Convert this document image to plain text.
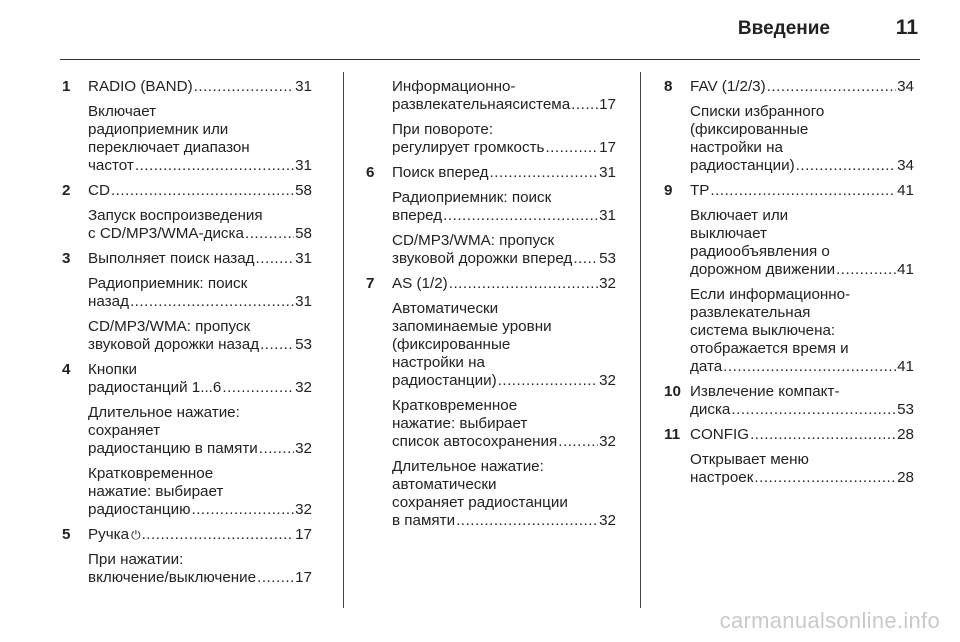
Введение	11
1	RADIO (BAND) .....	31
Включает
радиоприемник или
переключает диапазон
частот .....	31
2	CD .....	58
Запуск воспроизведения
с CD/MP3/WMA-диска .....	58
3	Выполняет поиск назад .....	31
Радиоприемник: поиск
назад .....	31
CD/MP3/WMA: пропуск
звуковой дорожки назад ..... 53
4	Кнопки
радиостанций 1...6 .....	32
Длительное нажатие:
сохраняет
радиостанцию в памяти ..... 32
Кратковременное
нажатие: выбирает
радиостанцию .....	32
5	Ручка ⏻ .....	17
При нажатии:
включение/выключение .....	17
Информационно-
развлекательнаясистема ..... 17
При повороте:
регулирует громкость .....	17
6	Поиск вперед .....	31
Радиоприемник: поиск
вперед .....	31
CD/MP3/WMA: пропуск
звуковой дорожки вперед ..... 53
7	AS (1/2) .....	32
Автоматически
запоминаемые уровни
(фиксированные
настройки на
радиостанции) .....	32
Кратковременное
нажатие: выбирает
список автосохранения .....	32
Длительное нажатие:
автоматически
сохраняет радиостанции
в памяти .....	32
8	FAV (1/2/3) .....	34
Списки избранного
(фиксированные
настройки на
радиостанции) .....	34
9	TP .....	41
Включает или
выключает
радиообъявления о
дорожном движении .....	41
Если информационно-
развлекательная
система выключена:
отображается время и
дата .....	41
10 Извлечение компакт-
диска .....	53
11 CONFIG .....	28
Открывает меню
настроек .....	28
carmanualsonline.info
